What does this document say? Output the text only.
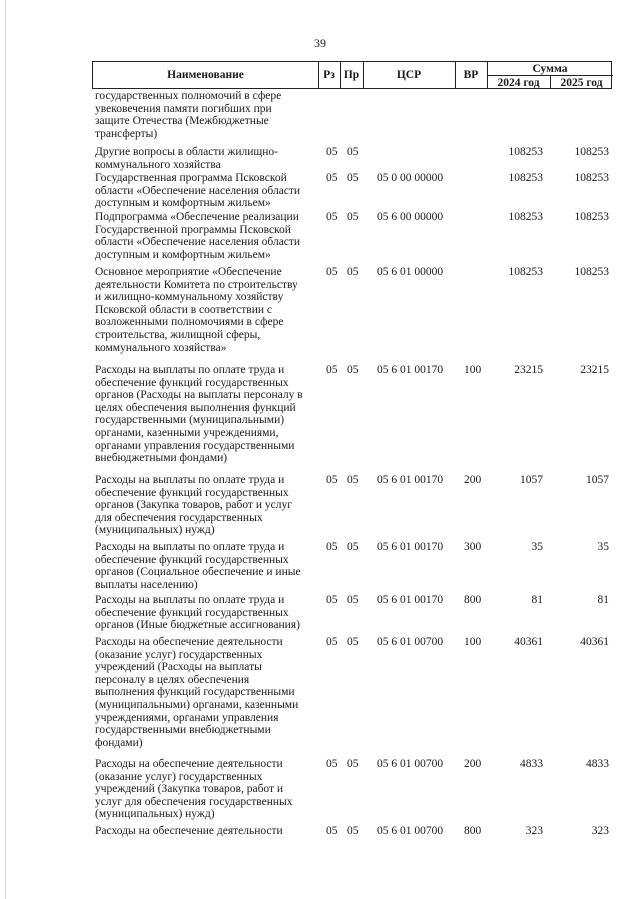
39
Наименование	Рз Пр	ЦСР	ВР
Сумма
2024 год	2025 год
государственных полномочий в сфере
увековечения памяти погибших при
защите Отечества (Межбюджетные
трансферты)
Другие вопросы в области жилищно-
коммунального хозяйства
05 05	108253	108253
Государственная программа Псковской
области «Обеспечение населения области
доступным и комфортным жильем»
05 05 05 0 00 00000	108253	108253
Подпрограмма «Обеспечение реализации
Государственной программы Псковской
области «Обеспечение населения области
доступным и комфортным жильем»
05 05 05 6 00 00000	108253	108253
Основное мероприятие «Обеспечение
деятельности Комитета по строительству
и жилищно-коммунальному хозяйству
Псковской области в соответствии с
возложенными полномочиями в сфере
строительства, жилищной сферы,
коммунального хозяйства»
05 05 05 6 01 00000	108253	108253
Расходы на выплаты по оплате труда и
обеспечение функций государственных
органов (Расходы на выплаты персоналу в
целях обеспечения выполнения функций
государственными (муниципальными)
органами, казенными учреждениями,
органами управления государственными
внебюджетными фондами)
05 05 05 6 01 00170 100	23215	23215
Расходы на выплаты по оплате труда и
обеспечение функций государственных
органов (Закупка товаров, работ и услуг
для обеспечения государственных
(муниципальных) нужд)
05 05 05 6 01 00170 200	1057	1057
Расходы на выплаты по оплате труда и
обеспечение функций государственных
органов (Социальное обеспечение и иные
выплаты населению)
05 05 05 6 01 00170 300	35	35
Расходы на выплаты по оплате труда и
обеспечение функций государственных
органов (Иные бюджетные ассигнования)
05 05 05 6 01 00170 800	81	81
Расходы на обеспечение деятельности
(оказание услуг) государственных
учреждений (Расходы на выплаты
персоналу в целях обеспечения
выполнения функций государственными
(муниципальными) органами, казенными
учреждениями, органами управления
государственными внебюджетными
фондами)
05 05 05 6 01 00700 100	40361	40361
Расходы на обеспечение деятельности
(оказание услуг) государственных
учреждений (Закупка товаров, работ и
услуг для обеспечения государственных
(муниципальных) нужд)
05 05 05 6 01 00700 200	4833	4833
Расходы на обеспечение деятельности	05 05 05 6 01 00700 800	323	323
